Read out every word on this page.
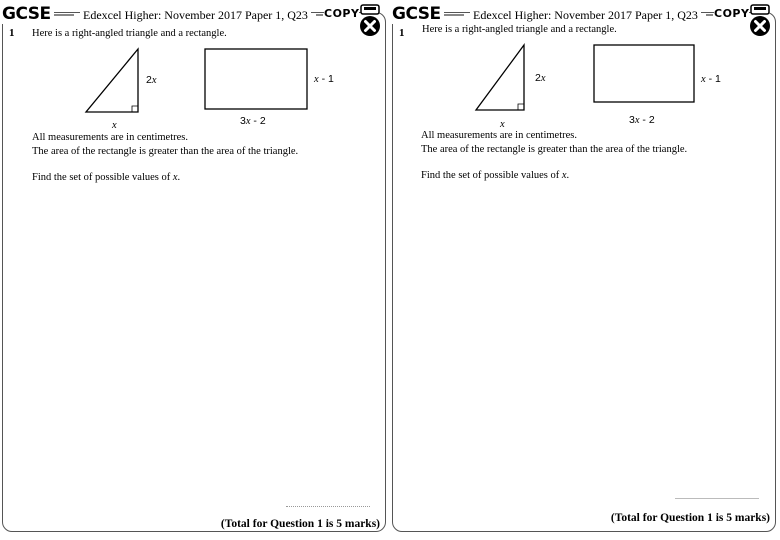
GCSE	Edexcel Higher: November 2017 Paper 1, Q23 COPY
1 Here is a right-angled triangle and a rectangle.
2x
x	3x - 2
x - 1
All measurements are in centimetres.
The area of the rectangle is greater than the area of the triangle.
Find the set of possible values of x.
(Total for Question 1 is 5 marks)
GCSE	Edexcel Higher: November 2017 Paper 1, Q23 COPY
1 Here is a right-angled triangle and a rectangle.
2x
x	3x - 2
x - 1
All measurements are in centimetres.
The area of the rectangle is greater than the area of the triangle.
Find the set of possible values of x.
(Total for Question 1 is 5 marks)
